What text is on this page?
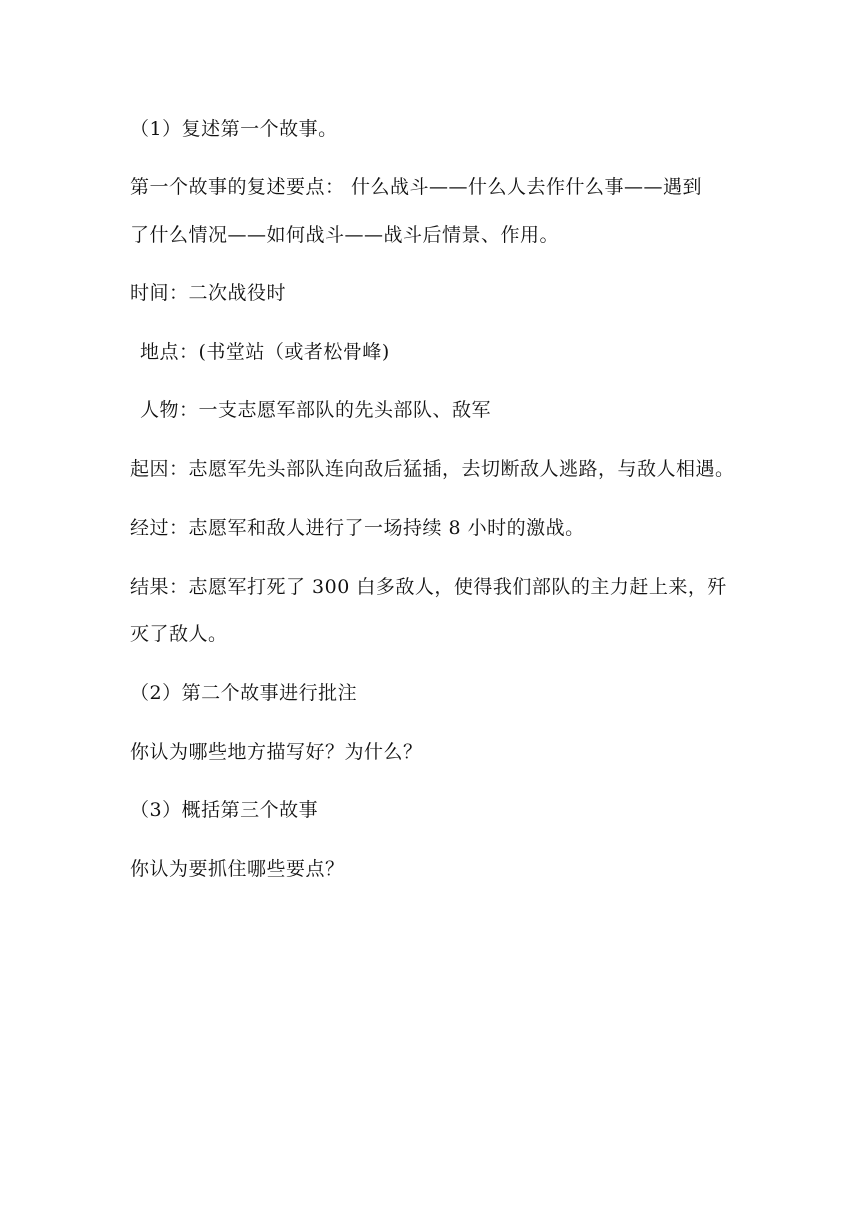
（1）复述第一个故事。
第一个故事的复述要点： 什么战斗——什么人去作什么事——遇到
了什么情况——如何战斗——战斗后情景、作用。
时间：二次战役时
地点：(书堂站（或者松骨峰)
人物：一支志愿军部队的先头部队、敌军
起因：志愿军先头部队连向敌后猛插，去切断敌人逃路，与敌人相遇。
经过：志愿军和敌人进行了一场持续 8 小时的激战。
结果：志愿军打死了 300 白多敌人，使得我们部队的主力赶上来，歼
灭了敌人。
（2）第二个故事进行批注
你认为哪些地方描写好？为什么？
（3）概括第三个故事
你认为要抓住哪些要点？
